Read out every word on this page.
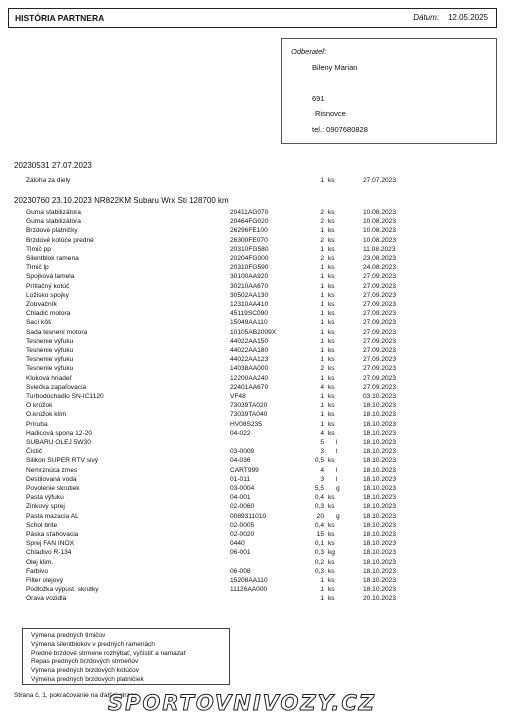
HISTÓRIA PARTNERA	Dátum: 12.05.2025
Odberateľ:
Bileny Marian
691
Risnovce
tel.: 0907680828
20230531 27.07.2023
Záloha za diely	1 ks	27.07.2023
20230760 23.10.2023 NR822KM Subaru Wrx Sti 128700 km
Guma stabilizátora	20411AG070	2 ks	10.08.2023
Guma stabilizátora	20464FG020	2 ks	10.08.2023
Brzdové platničky	26296FE100	1 ks	10.08.2023
Brzdové kotúče predné	26300FE070	2 ks	10.08.2023
Tlmič pp	20310FG580	1 ks	11.08.2023
Silentblok ramena	20204FG000	2 ks	23.08.2023
Tlmič lp	20310FG590	1 ks	24.08.2023
Spojková lamela	30100AA920	1 ks	27.09.2023
Prítlačný kotúč	30210AA670	1 ks	27.09.2023
Ložisko spojky	30502AA130	1 ks	27.09.2023
Zotrvačník	12310AA410	1 ks	27.09.2023
Chladič motora	45119SC090	1 ks	27.09.2023
Sací kôš	15049AA110	1 ks	27.09.2023
Sada tesnení motora	10105AB2009X	1 ks	27.09.2023
Tesnenie výfuku	44022AA150	1 ks	27.09.2023
Tesnenie výfuku	44022AA180	1 ks	27.09.2023
Tesnenie výfuku	44022AA123	1 ks	27.09.2023
Tesnenie výfuku	14038AA000	2 ks	27.09.2023
Kluková hriadeľ	12200AA240	1 ks	27.09.2023
Sviečka zapaľovacia	22401AA670	4 ks	27.09.2023
Turbodúchadlo SN-IC1120	VF48	1 ks	03.10.2023
O krúžok	73039TA020	1 ks	18.10.2023
O.krúžok klím	73039TA040	1 ks	18.10.2023
Príruba	HV08S235	1 ks	18.10.2023
Hadicová spona 12-20	04-022	4 ks	18.10.2023
SUBARU OLEJ 5W30	5 l	18.10.2023
Čistič	03-0009	3 l	18.10.2023
Silikon SUPER RTV sivý	04-036	0,5 ks	18.10.2023
Nemrznúca zmes	CART999	4 l	18.10.2023
Destilovaná voda	01-011	3 l	18.10.2023
Povolenie skrutiek	03-0004	5,5 g	18.10.2023
Pasta výfuku	04-001	0,4 ks	18.10.2023
Zinkový sprej	02-0060	0,3 ks	18.10.2023
Pasta mazacia AL	0089311010	20 g	18.10.2023
Schol brite	02-0005	0,4 ks	18.10.2023
Páska sťahovacia	02-0020	15 ks	18.10.2023
Sprej FAN INOX	0440	0,1 ks	18.10.2023
Chladivo R-134	06-001	0,3 kg	18.10.2023
Olej klim.	0,2 ks	18.10.2023
Farbivo	06-008	0,3 ks	18.10.2023
Filter olejový	15208AA110	1 ks	18.10.2023
Podložka výpust. skrutky	11126AA000	1 ks	18.10.2023
Orava vozidla	1 ks	20.10.2023
Výmena predných tlmičov
Výmena silentblokov v predných ramenách
Predné brzdové strmene rozhýbať, vyčistiť a namazať
Repas predných brzdových strmeňov
Výmena predných brzdových kotúčov
Výmena predných brzdových platničiek
Strana č. 1, pokračovanie na ďalšej strane
SPORTOVNIVOZY.CZ
